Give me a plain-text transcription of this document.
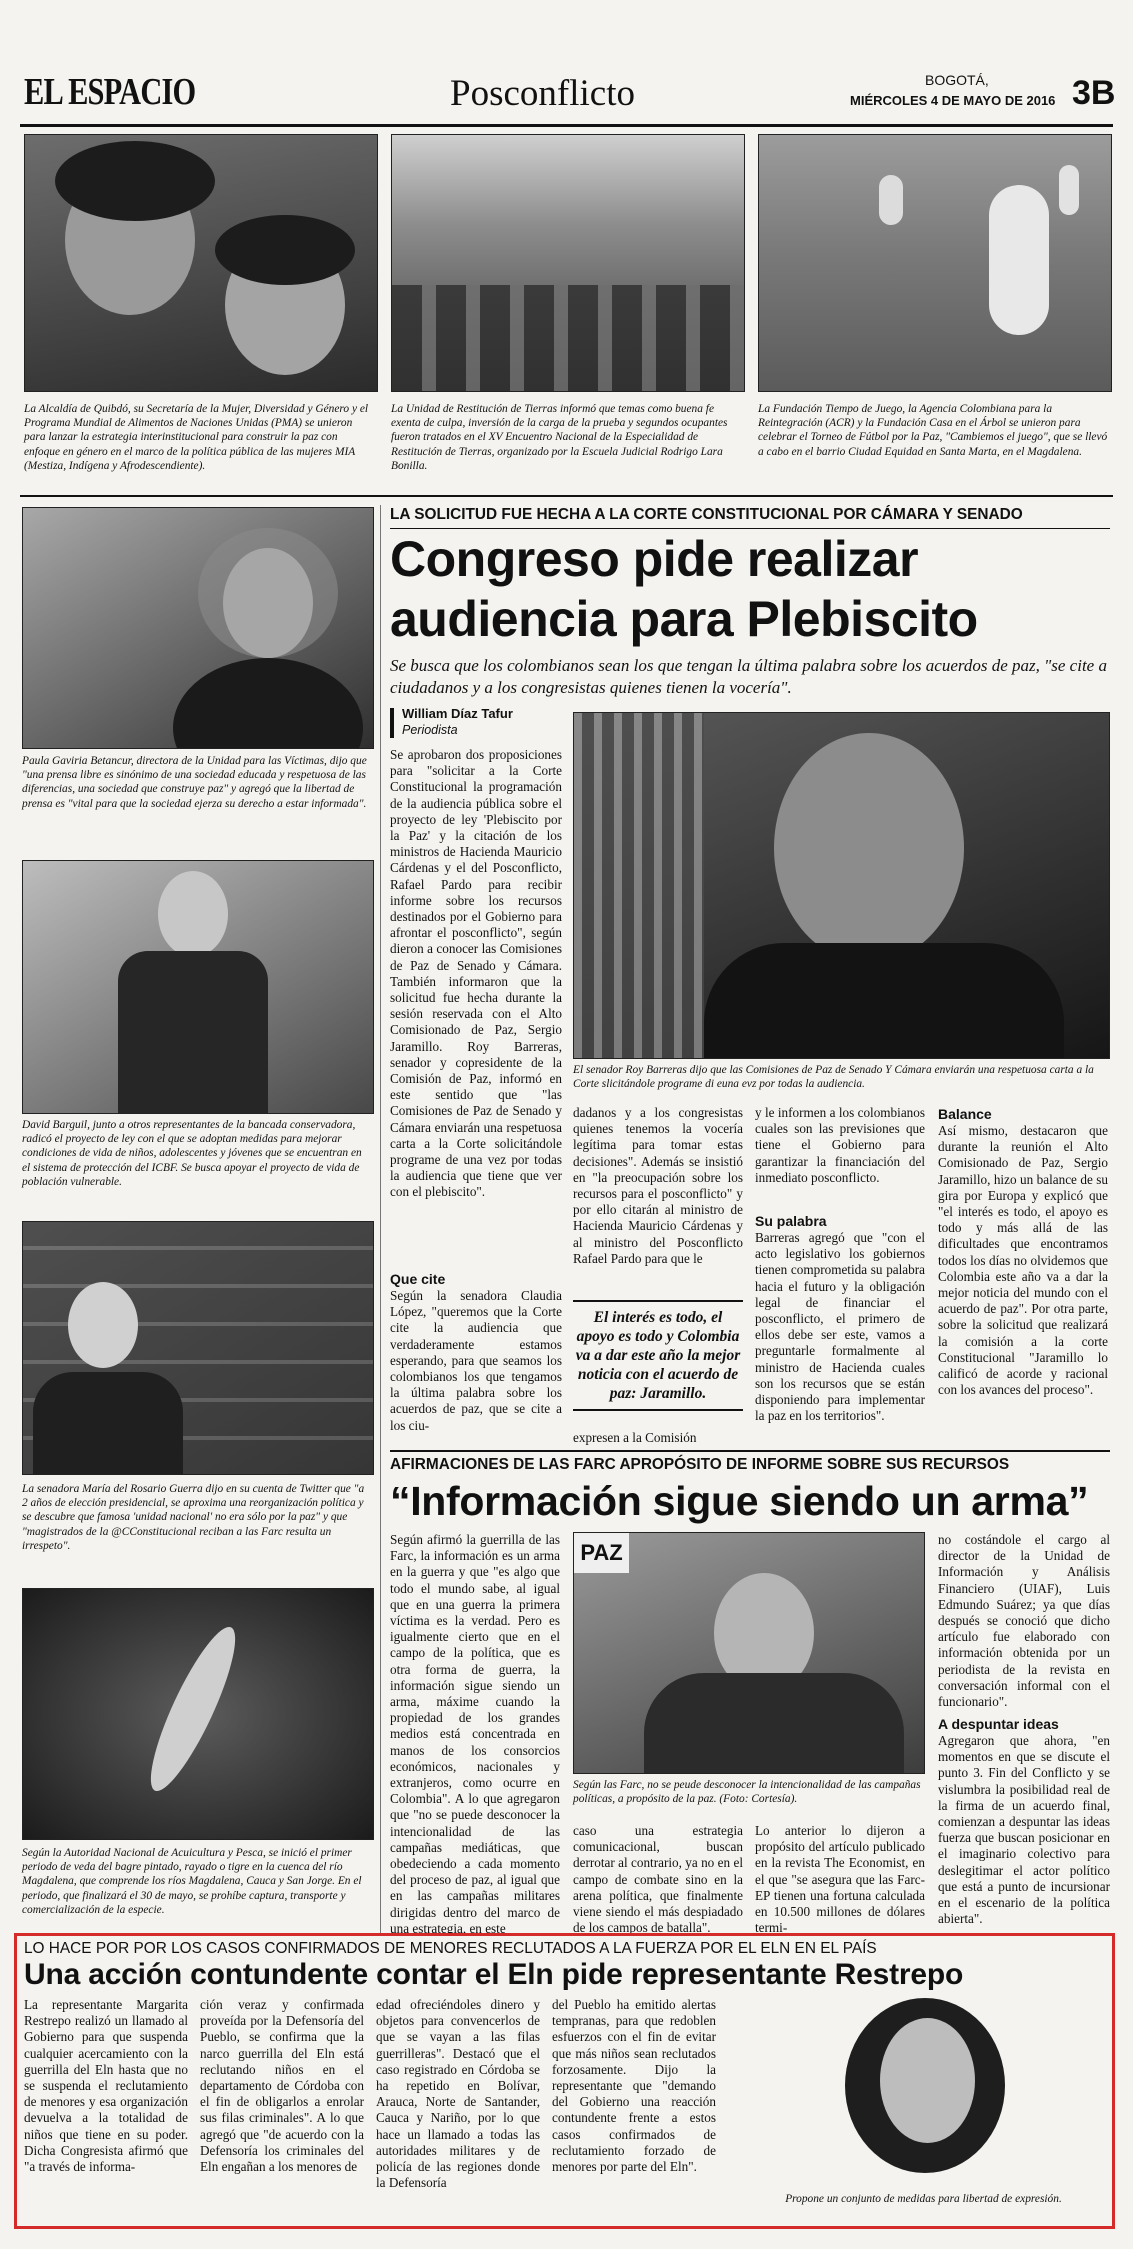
EL ESPACIO	Posconflicto	BOGOTÁ,
MIÉRCOLES 4 DE MAYO DE 2016 3B

La Alcaldía de Quibdó, su Secretaría de la Mujer, Diversidad y Género y el Programa Mundial de Alimentos de Naciones Unidas (PMA) se unieron para lanzar la estrategia interinstitucional para construir la paz con enfoque en género en el marco de la política pública de las mujeres MIA (Mestiza, Indígena y Afrodescendiente).

La Unidad de Restitución de Tierras informó que temas como buena fe exenta de culpa, inversión de la carga de la prueba y segundos ocupantes fueron tratados en el XV Encuentro Nacional de la Especialidad de Restitución de Tierras, organizado por la Escuela Judicial Rodrigo Lara Bonilla.

La Fundación Tiempo de Juego, la Agencia Colombiana para la Reintegración (ACR) y la Fundación Casa en el Árbol se unieron para celebrar el Torneo de Fútbol por la Paz, "Cambiemos el juego", que se llevó a cabo en el barrio Ciudad Equidad en Santa Marta, en el Magdalena.

Paula Gaviria Betancur, directora de la Unidad para las Víctimas, dijo que "una prensa libre es sinónimo de una sociedad educada y respetuosa de las diferencias, una sociedad que construye paz" y agregó que la libertad de prensa es "vital para que la sociedad ejerza su derecho a estar informada".

David Barguil, junto a otros representantes de la bancada conservadora, radicó el proyecto de ley con el que se adoptan medidas para mejorar condiciones de vida de niños, adolescentes y jóvenes que se encuentran en el sistema de protección del ICBF. Se busca apoyar el proyecto de vida de población vulnerable.

La senadora María del Rosario Guerra dijo en su cuenta de Twitter que "a 2 años de elección presidencial, se aproxima una reorganización política y se descubre que famosa 'unidad nacional' no era sólo por la paz" y que "magistrados de la @CConstitucional reciban a las Farc resulta un irrespeto".

Según la Autoridad Nacional de Acuicultura y Pesca, se inició el primer periodo de veda del bagre pintado, rayado o tigre en la cuenca del río Magdalena, que comprende los ríos Magdalena, Cauca y San Jorge. En el periodo, que finalizará el 30 de mayo, se prohíbe captura, transporte y comercialización de la especie.

LA SOLICITUD FUE HECHA A LA CORTE CONSTITUCIONAL POR CÁMARA Y SENADO
Congreso pide realizar
audiencia para Plebiscito

Se busca que los colombianos sean los que tengan la última palabra sobre los acuerdos de paz, "se cite a ciudadanos y a los congresistas quienes tienen la vocería".

William Díaz Tafur
Periodista

Se aprobaron dos proposiciones para "solicitar a la Corte Constitucional la programación de la audiencia pública sobre el proyecto de ley 'Plebiscito por la Paz' y la citación de los ministros de Hacienda Mauricio Cárdenas y el del Posconflicto, Rafael Pardo para recibir informe sobre los recursos destinados por el Gobierno para afrontar el posconflicto", según dieron a conocer las Comisiones de Paz de Senado y Cámara. También informaron que la solicitud fue hecha durante la sesión reservada con el Alto Comisionado de Paz, Sergio Jaramillo. Roy Barreras, senador y copresidente de la Comisión de Paz, informó en este sentido que "las Comisiones de Paz de Senado y Cámara enviarán una respetuosa carta a la Corte solicitándole programe de una vez por todas la audiencia que tiene que ver con el plebiscito".

Que cite

Según la senadora Claudia López, "queremos que la Corte cite la audiencia que verdaderamente estamos esperando, para que seamos los colombianos los que tengamos la última palabra sobre los acuerdos de paz, que se cite a los ciu-

El senador Roy Barreras dijo que las Comisiones de Paz de Senado Y Cámara enviarán una respetuosa carta a la Corte slicitándole programe di euna evz por todas la audiencia.

dadanos y a los congresistas quienes tenemos la vocería legítima para tomar estas decisiones". Además se insistió en "la preocupación sobre los recursos para el posconflicto" y por ello citarán al ministro de Hacienda Mauricio Cárdenas y al ministro del Posconflicto Rafael Pardo para que le

El interés es todo, el apoyo es todo y Colombia va a dar este año la mejor noticia con el acuerdo de paz: Jaramillo.

expresen a la Comisión

y le informen a los colombianos cuales son las previsiones que tiene el Gobierno para garantizar la financiación del inmediato posconflicto.

Su palabra

Barreras agregó que "con el acto legislativo los gobiernos tienen comprometida su palabra hacia el futuro y la obligación legal de financiar el posconflicto, el primero de ellos debe ser este, vamos a preguntarle formalmente al ministro de Hacienda cuales son los recursos que se están disponiendo para implementar la paz en los territorios".

Balance

Así mismo, destacaron que durante la reunión el Alto Comisionado de Paz, Sergio Jaramillo, hizo un balance de su gira por Europa y explicó que "el interés es todo, el apoyo es todo y más allá de las dificultades que encontramos todos los días no olvidemos que Colombia este año va a dar la mejor noticia del mundo con el acuerdo de paz". Por otra parte, sobre la solicitud que realizará la comisión a la corte Constitucional "Jaramillo lo calificó de acorde y racional con los avances del proceso".

AFIRMACIONES DE LAS FARC APROPÓSITO DE INFORME SOBRE SUS RECURSOS
“Información sigue siendo un arma”

Según afirmó la guerrilla de las Farc, la información es un arma en la guerra y que "es algo que todo el mundo sabe, al igual que en una guerra la primera víctima es la verdad. Pero es igualmente cierto que en el campo de la política, que es otra forma de guerra, la información sigue siendo un arma, máxime cuando la propiedad de los grandes medios está concentrada en manos de los consorcios económicos, nacionales y extranjeros, como ocurre en Colombia". A lo que agregaron que "no se puede desconocer la intencionalidad de las campañas mediáticas, que obedeciendo a cada momento del proceso de paz, al igual que en las campañas militares dirigidas dentro del marco de una estrategia, en este

PAZ

Según las Farc, no se peude desconocer la intencionalidad de las campañas políticas, a propósito de la paz. (Foto: Cortesía).

caso una estrategia comunicacional, buscan derrotar al contrario, ya no en el campo de combate sino en la arena política, que finalmente viene siendo el más despiadado de los campos de batalla".

Lo anterior lo dijeron a propósito del artículo publicado en la revista The Economist, en el que "se asegura que las Farc-EP tienen una fortuna calculada en 10.500 millones de dólares termi-

no costándole el cargo al director de la Unidad de Información y Análisis Financiero (UIAF), Luis Edmundo Suárez; ya que días después se conoció que dicho artículo fue elaborado con información obtenida por un periodista de la revista en conversación informal con el funcionario".

A despuntar ideas

Agregaron que ahora, "en momentos en que se discute el punto 3. Fin del Conflicto y se vislumbra la posibilidad real de la firma de un acuerdo final, comienzan a despuntar las ideas fuerza que buscan posicionar en el imaginario colectivo para deslegitimar el actor político que está a punto de incursionar en el escenario de la política abierta".

LO HACE POR POR LOS CASOS CONFIRMADOS DE MENORES RECLUTADOS A LA FUERZA POR EL ELN EN EL PAÍS
Una acción contundente contar el Eln pide representante Restrepo

La representante Margarita Restrepo realizó un llamado al Gobierno para que suspenda cualquier acercamiento con la guerrilla del Eln hasta que no se suspenda el reclutamiento de menores y esa organización devuelva a la totalidad de niños que tiene en su poder. Dicha Congresista afirmó que "a través de informa-

ción veraz y confirmada proveída por la Defensoría del Pueblo, se confirma que la narco guerrilla del Eln está reclutando niños en el departamento de Córdoba con el fin de obligarlos a enrolar sus filas criminales". A lo que agregó que "de acuerdo con la Defensoría los criminales del Eln engañan a los menores de

edad ofreciéndoles dinero y objetos para convencerlos de que se vayan a las filas guerrilleras". Destacó que el caso registrado en Córdoba se ha repetido en Bolívar, Arauca, Norte de Santander, Cauca y Nariño, por lo que hace un llamado a todas las autoridades militares y de policía de las regiones donde la Defensoría

del Pueblo ha emitido alertas tempranas, para que redoblen esfuerzos con el fin de evitar que más niños sean reclutados forzosamente. Dijo la representante que "demando del Gobierno una reacción contundente frente a estos casos confirmados de reclutamiento forzado de menores por parte del Eln".

Propone un conjunto de medidas para libertad de expresión.
